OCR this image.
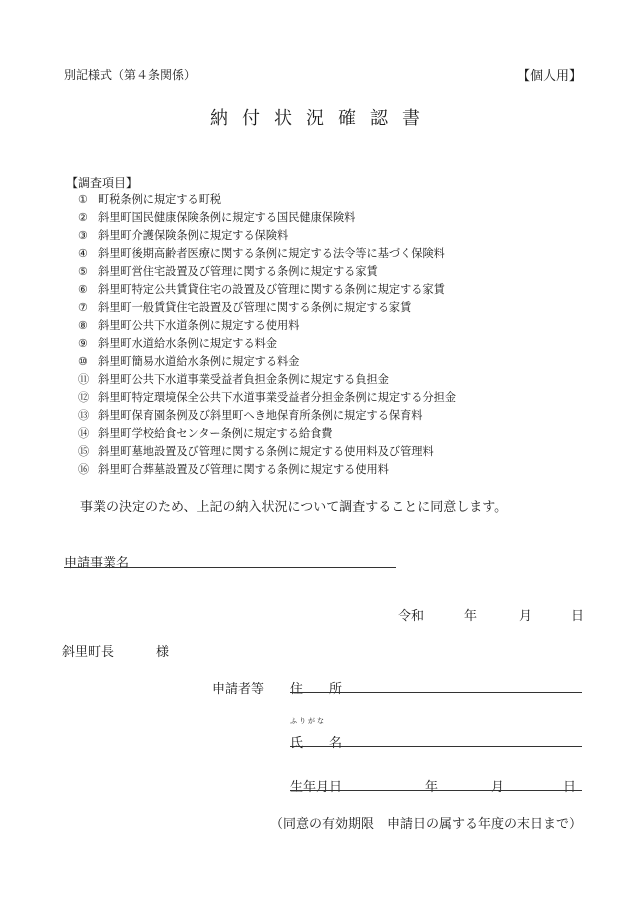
別記様式（第４条関係）	【個人用】
納付状況確認書
【調査項目】
① 町税条例に規定する町税
② 斜里町国民健康保険条例に規定する国民健康保険料
③ 斜里町介護保険条例に規定する保険料
④ 斜里町後期高齢者医療に関する条例に規定する法令等に基づく保険料
⑤ 斜里町営住宅設置及び管理に関する条例に規定する家賃
⑥ 斜里町特定公共賃貸住宅の設置及び管理に関する条例に規定する家賃
⑦ 斜里町一般賃貸住宅設置及び管理に関する条例に規定する家賃
⑧ 斜里町公共下水道条例に規定する使用料
⑨ 斜里町水道給水条例に規定する料金
⑩ 斜里町簡易水道給水条例に規定する料金
⑪ 斜里町公共下水道事業受益者負担金条例に規定する負担金
⑫ 斜里町特定環境保全公共下水道事業受益者分担金条例に規定する分担金
⑬ 斜里町保育園条例及び斜里町へき地保育所条例に規定する保育料
⑭ 斜里町学校給食センター条例に規定する給食費
⑮ 斜里町墓地設置及び管理に関する条例に規定する使用料及び管理料
⑯ 斜里町合葬墓設置及び管理に関する条例に規定する使用料
事業の決定のため、上記の納入状況について調査することに同意します。
申請事業名
令和	年	月	日
斜里町長	様
申請者等 住　　所
ふりがな
氏　　名
生年月日	年	月	日
（同意の有効期限　申請日の属する年度の末日まで）
